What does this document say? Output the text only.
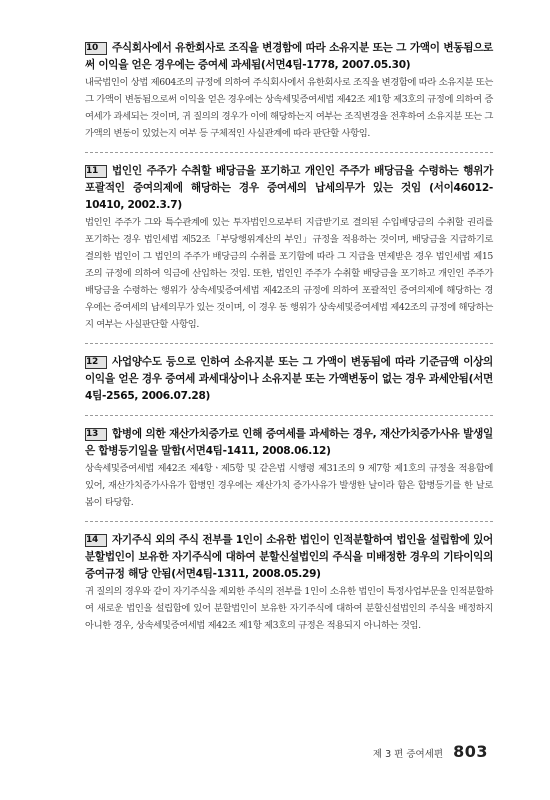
10 주식회사에서 유한회사로 조직을 변경함에 따라 소유지분 또는 그 가액이 변동됨으로써 이익을 얻은 경우에는 증여세 과세됨(서면4팀-1778, 2007.05.30)
내국법인이 상법 제604조의 규정에 의하여 주식회사에서 유한회사로 조직을 변경함에 따라 소유지분 또는 그 가액이 변동됨으로써 이익을 얻은 경우에는 상속세및증여세법 제42조 제1항 제3호의 규정에 의하여 증여세가 과세되는 것이며, 귀 질의의 경우가 이에 해당하는지 여부는 조직변경을 전후하여 소유지분 또는 그 가액의 변동이 있었는지 여부 등 구체적인 사실관계에 따라 판단할 사항임.
11 법인인 주주가 수취할 배당금을 포기하고 개인인 주주가 배당금을 수령하는 행위가 포괄적인 증여의제에 해당하는 경우 증여세의 납세의무가 있는 것임 (서이46012-10410, 2002.3.7)
법인인 주주가 그와 특수관계에 있는 투자법인으로부터 지급받기로 결의된 수입배당금의 수취할 권리를 포기하는 경우 법인세법 제52조「부당행위계산의 부인」규정을 적용하는 것이며, 배당금을 지급하기로 결의한 법인이 그 법인의 주주가 배당금의 수취를 포기함에 따라 그 지급을 면제받은 경우 법인세법 제15조의 규정에 의하여 익금에 산입하는 것임. 또한, 법인인 주주가 수취할 배당금을 포기하고 개인인 주주가 배당금을 수령하는 행위가 상속세및증여세법 제42조의 규정에 의하여 포괄적인 증여의제에 해당하는 경우에는 증여세의 납세의무가 있는 것이며, 이 경우 동 행위가 상속세및증여세법 제42조의 규정에 해당하는지 여부는 사실판단할 사항임.
12 사업양수도 등으로 인하여 소유지분 또는 그 가액이 변동됨에 따라 기준금액 이상의 이익을 얻은 경우 증여세 과세대상이나 소유지분 또는 가액변동이 없는 경우 과세안됨(서면4팀-2565, 2006.07.28)
13 합병에 의한 재산가치증가로 인해 증여세를 과세하는 경우, 재산가치증가사유 발생일은 합병등기일을 말함(서면4팀-1411, 2008.06.12)
상속세및증여세법 제42조 제4항ㆍ제5항 및 같은법 시행령 제31조의 9 제7항 제1호의 규정을 적용함에 있어, 재산가치증가사유가 합병인 경우에는 재산가치 증가사유가 발생한 날이라 함은 합병등기를 한 날로 봄이 타당함.
14 자기주식 외의 주식 전부를 1인이 소유한 법인이 인적분할하여 법인을 설립함에 있어 분할법인이 보유한 자기주식에 대하여 분할신설법인의 주식을 미배정한 경우의 기타이익의 증여규정 해당 안됨(서면4팀-1311, 2008.05.29)
귀 질의의 경우와 같이 자기주식을 제외한 주식의 전부를 1인이 소유한 법인이 특정사업부문을 인적분할하여 새로운 법인을 설립함에 있어 분할법인이 보유한 자기주식에 대하여 분할신설법인의 주식을 배정하지 아니한 경우, 상속세및증여세법 제42조 제1항 제3호의 규정은 적용되지 아니하는 것임.
제 3 편 증여세편 803
